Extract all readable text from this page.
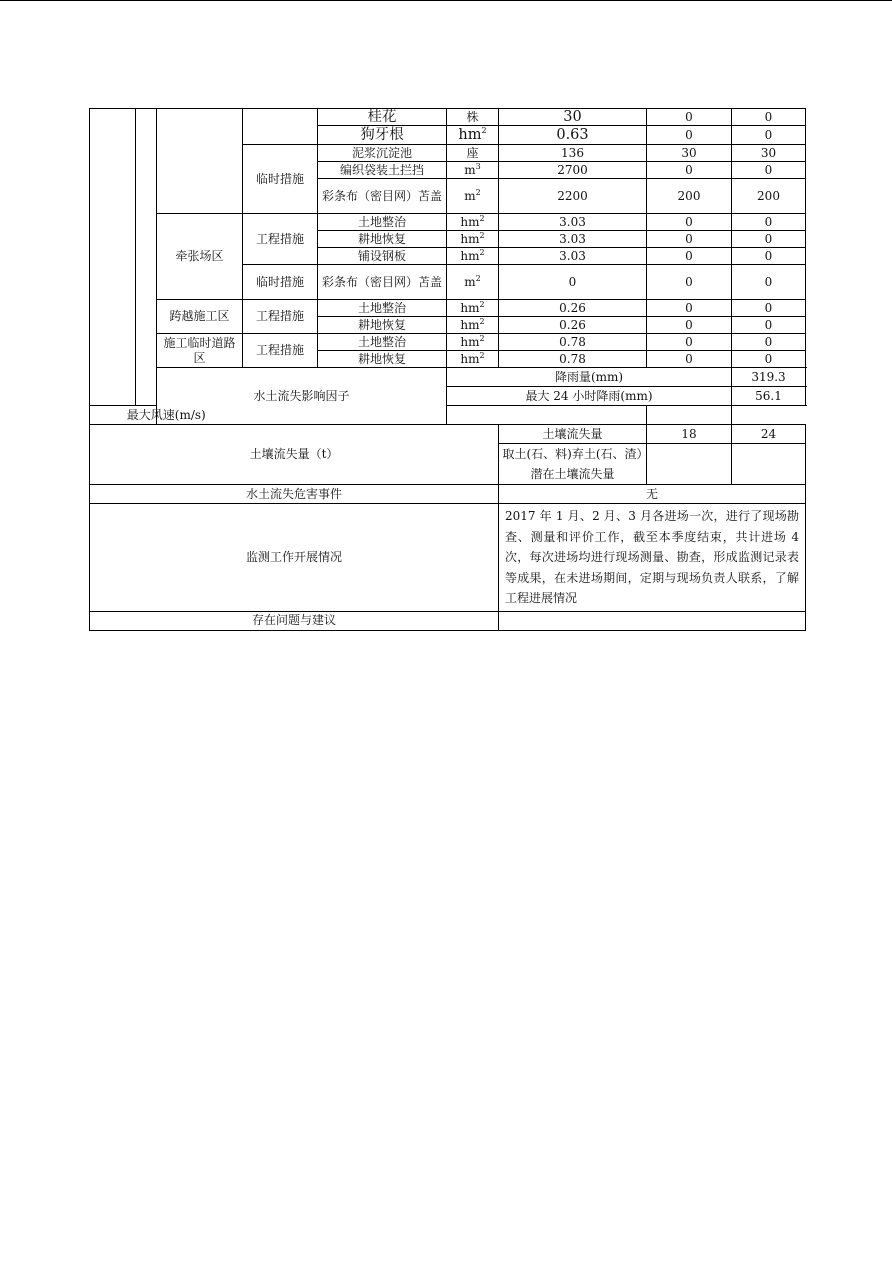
				桂花	株	30	0	0
				狗牙根	$hm^2$	0.63	0	0
			临时措施	泥浆沉淀池	座	136	30	30
				编织袋装土拦挡	$m^3$	2700	0	0
				彩条布（密目网）苫盖	$m^2$	2200	200	200
		牵张场区	工程措施	土地整治	$hm^2$	3.03	0	0
				耕地恢复	$hm^2$	3.03	0	0
				铺设钢板	$hm^2$	3.03	0	0
			临时措施	彩条布（密目网）苫盖	$m^2$	0	0	0
		跨越施工区	工程措施	土地整治	$hm^2$	0.26	0	0
				耕地恢复	$hm^2$	0.26	0	0
		施工临时道路区	工程措施	土地整治	$hm^2$	0.78	0	0
				耕地恢复	$hm^2$	0.78	0	0
		水土流失影响因子			降雨量(mm)			319.3
					最大 24 小时降雨(mm)			56.1
最大风速(m/s)								
土壤流失量（t）						土壤流失量	18	24
						取土(石、料)弃土(石、渣）潜在土壤流失量		
水土流失危害事件						无		
监测工作开展情况						2017 年 1 月、2 月、3 月各进场一次，进行了现场勘查、测量和评价工作，截至本季度结束，共计进场 4 次，每次进场均进行现场测量、勘查，形成监测记录表等成果，在未进场期间，定期与现场负责人联系，了解工程进展情况		
存在问题与建议								
